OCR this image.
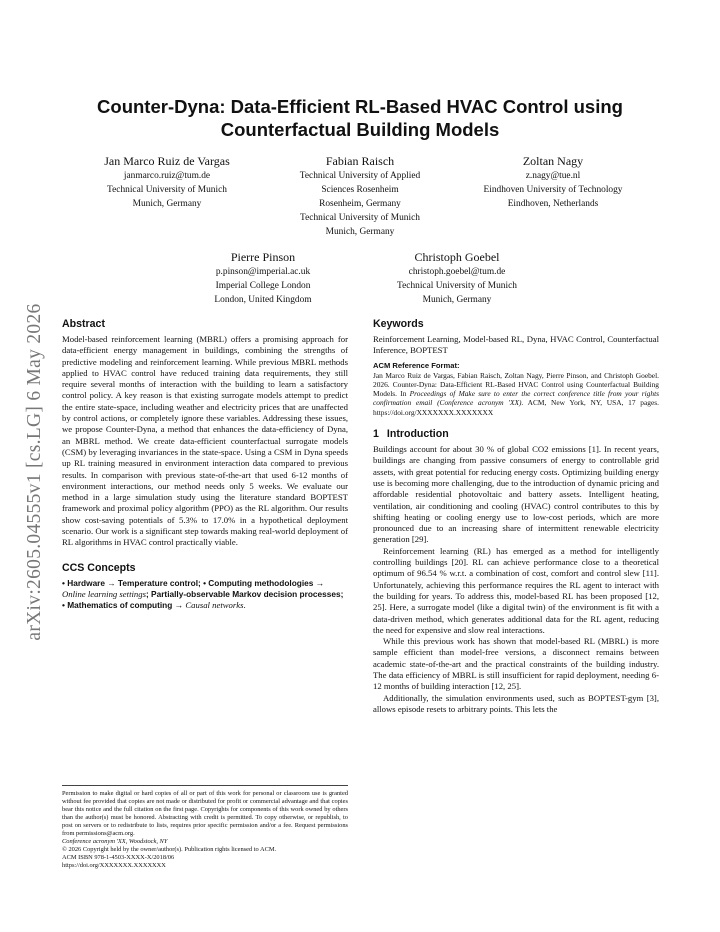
arXiv:2605.04555v1 [cs.LG] 6 May 2026
Counter-Dyna: Data-Efficient RL-Based HVAC Control using
Counterfactual Building Models
Jan Marco Ruiz de Vargas
janmarco.ruiz@tum.de
Technical University of Munich
Munich, Germany
Fabian Raisch
Technical University of Applied
Sciences Rosenheim
Rosenheim, Germany
Technical University of Munich
Munich, Germany
Zoltan Nagy
z.nagy@tue.nl
Eindhoven University of Technology
Eindhoven, Netherlands
Pierre Pinson
p.pinson@imperial.ac.uk
Imperial College London
London, United Kingdom
Christoph Goebel
christoph.goebel@tum.de
Technical University of Munich
Munich, Germany
Abstract

Model-based reinforcement learning (MBRL) offers a promising approach for data-efficient energy management in buildings, combining the strengths of predictive modeling and reinforcement learning. While previous MBRL methods applied to HVAC control have reduced training data requirements, they still require several months of interaction with the building to learn a satisfactory control policy. A key reason is that existing surrogate models attempt to predict the entire state-space, including weather and electricity prices that are unaffected by control actions, or completely ignore these variables. Addressing these issues, we propose Counter-Dyna, a method that enhances the data-efficiency of Dyna, an MBRL method. We create data-efficient counterfactual surrogate models (CSM) by leveraging invariances in the state-space. Using a CSM in Dyna speeds up RL training measured in environment interaction data compared to previous results. In comparison with previous state-of-the-art that used 6-12 months of environment interactions, our method needs only 5 weeks. We evaluate our method in a large simulation study using the literature standard BOPTEST framework and proximal policy algorithm (PPO) as the RL algorithm. Our results show cost-saving potentials of 5.3% to 17.0% in a hypothetical deployment scenario. Our work is a significant step towards making real-world deployment of RL algorithms in HVAC control practically viable.

CCS Concepts
• Hardware → Temperature control; • Computing methodologies → Online learning settings; Partially-observable Markov decision processes; • Mathematics of computing → Causal networks.
Permission to make digital or hard copies of all or part of this work for personal or classroom use is granted without fee provided that copies are not made or distributed for profit or commercial advantage and that copies bear this notice and the full citation on the first page. Copyrights for components of this work owned by others than the author(s) must be honored. Abstracting with credit is permitted. To copy otherwise, or republish, to post on servers or to redistribute to lists, requires prior specific permission and/or a fee. Request permissions from permissions@acm.org.
Conference acronym 'XX, Woodstock, NY
© 2026 Copyright held by the owner/author(s). Publication rights licensed to ACM.
ACM ISBN 978-1-4503-XXXX-X/2018/06
https://doi.org/XXXXXXX.XXXXXXX
Keywords

Reinforcement Learning, Model-based RL, Dyna, HVAC Control, Counterfactual Inference, BOPTEST

ACM Reference Format:
Jan Marco Ruiz de Vargas, Fabian Raisch, Zoltan Nagy, Pierre Pinson, and Christoph Goebel. 2026. Counter-Dyna: Data-Efficient RL-Based HVAC Control using Counterfactual Building Models. In Proceedings of Make sure to enter the correct conference title from your rights confirmation email (Conference acronym 'XX). ACM, New York, NY, USA, 17 pages. https://doi.org/XXXXXXX.XXXXXXX
1 Introduction

Buildings account for about 30 % of global CO2 emissions [1]. In recent years, buildings are changing from passive consumers of energy to controllable grid assets, with great potential for reducing energy costs. Optimizing building energy use is becoming more challenging, due to the introduction of dynamic pricing and affordable residential photovoltaic and battery assets. Intelligent heating, ventilation, air conditioning and cooling (HVAC) control contributes to this by shifting heating or cooling energy use to low-cost periods, which are more pronounced due to an increasing share of intermittent renewable electricity generation [29].

Reinforcement learning (RL) has emerged as a method for intelligently controlling buildings [20]. RL can achieve performance close to a theoretical optimum of 96.54 % w.r.t. a combination of cost, comfort and control slew [11]. Unfortunately, achieving this performance requires the RL agent to interact with the building for years. To address this, model-based RL has been proposed [12, 25]. Here, a surrogate model (like a digital twin) of the environment is fit with a data-driven method, which generates additional data for the RL agent, reducing the need for expensive and slow real interactions.

While this previous work has shown that model-based RL (MBRL) is more sample efficient than model-free versions, a disconnect remains between academic state-of-the-art and the practical constraints of the building industry. The data efficiency of MBRL is still insufficient for rapid deployment, needing 6-12 months of building interaction [12, 25].

Additionally, the simulation environments used, such as BOPTEST-gym [3], allows episode resets to arbitrary points. This lets the
